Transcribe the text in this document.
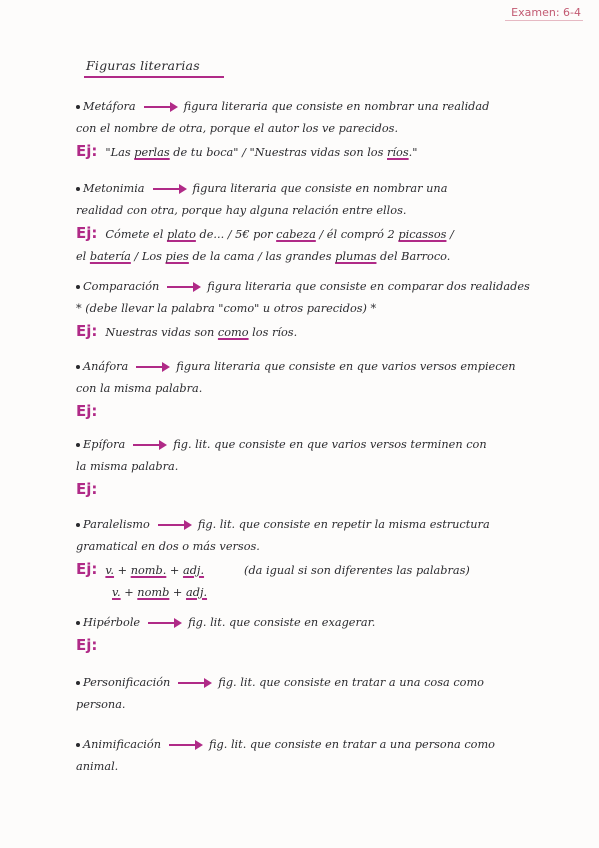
Examen: 6-4
Figuras literarias
Metáfora	figura literaria que consiste en nombrar una realidad
con el nombre de otra, porque el autor los ve parecidos.
Ej: "Las perlas de tu boca" / "Nuestras vidas son los ríos."
Metonimia	figura literaria que consiste en nombrar una
realidad con otra, porque hay alguna relación entre ellos.
Ej: Cómete el plato de... / 5€ por cabeza / él compró 2 picassos /
el batería / Los pies de la cama / las grandes plumas del Barroco.
Comparación	figura literaria que consiste en comparar dos realidades
* (debe llevar la palabra "como" u otros parecidos) *
Ej: Nuestras vidas son como los ríos.
Anáfora	figura literaria que consiste en que varios versos empiecen
con la misma palabra.
Ej:
Epífora	fig. lit. que consiste en que varios versos terminen con
la misma palabra.
Ej:
Paralelismo	fig. lit. que consiste en repetir la misma estructura
gramatical en dos o más versos.
Ej: v. + nomb. + adj.	(da igual si son diferentes las palabras)
v. + nomb + adj.
Hipérbole	fig. lit. que consiste en exagerar.
Ej:
Personificación	fig. lit. que consiste en tratar a una cosa como
persona.
Animificación	fig. lit. que consiste en tratar a una persona como
animal.
